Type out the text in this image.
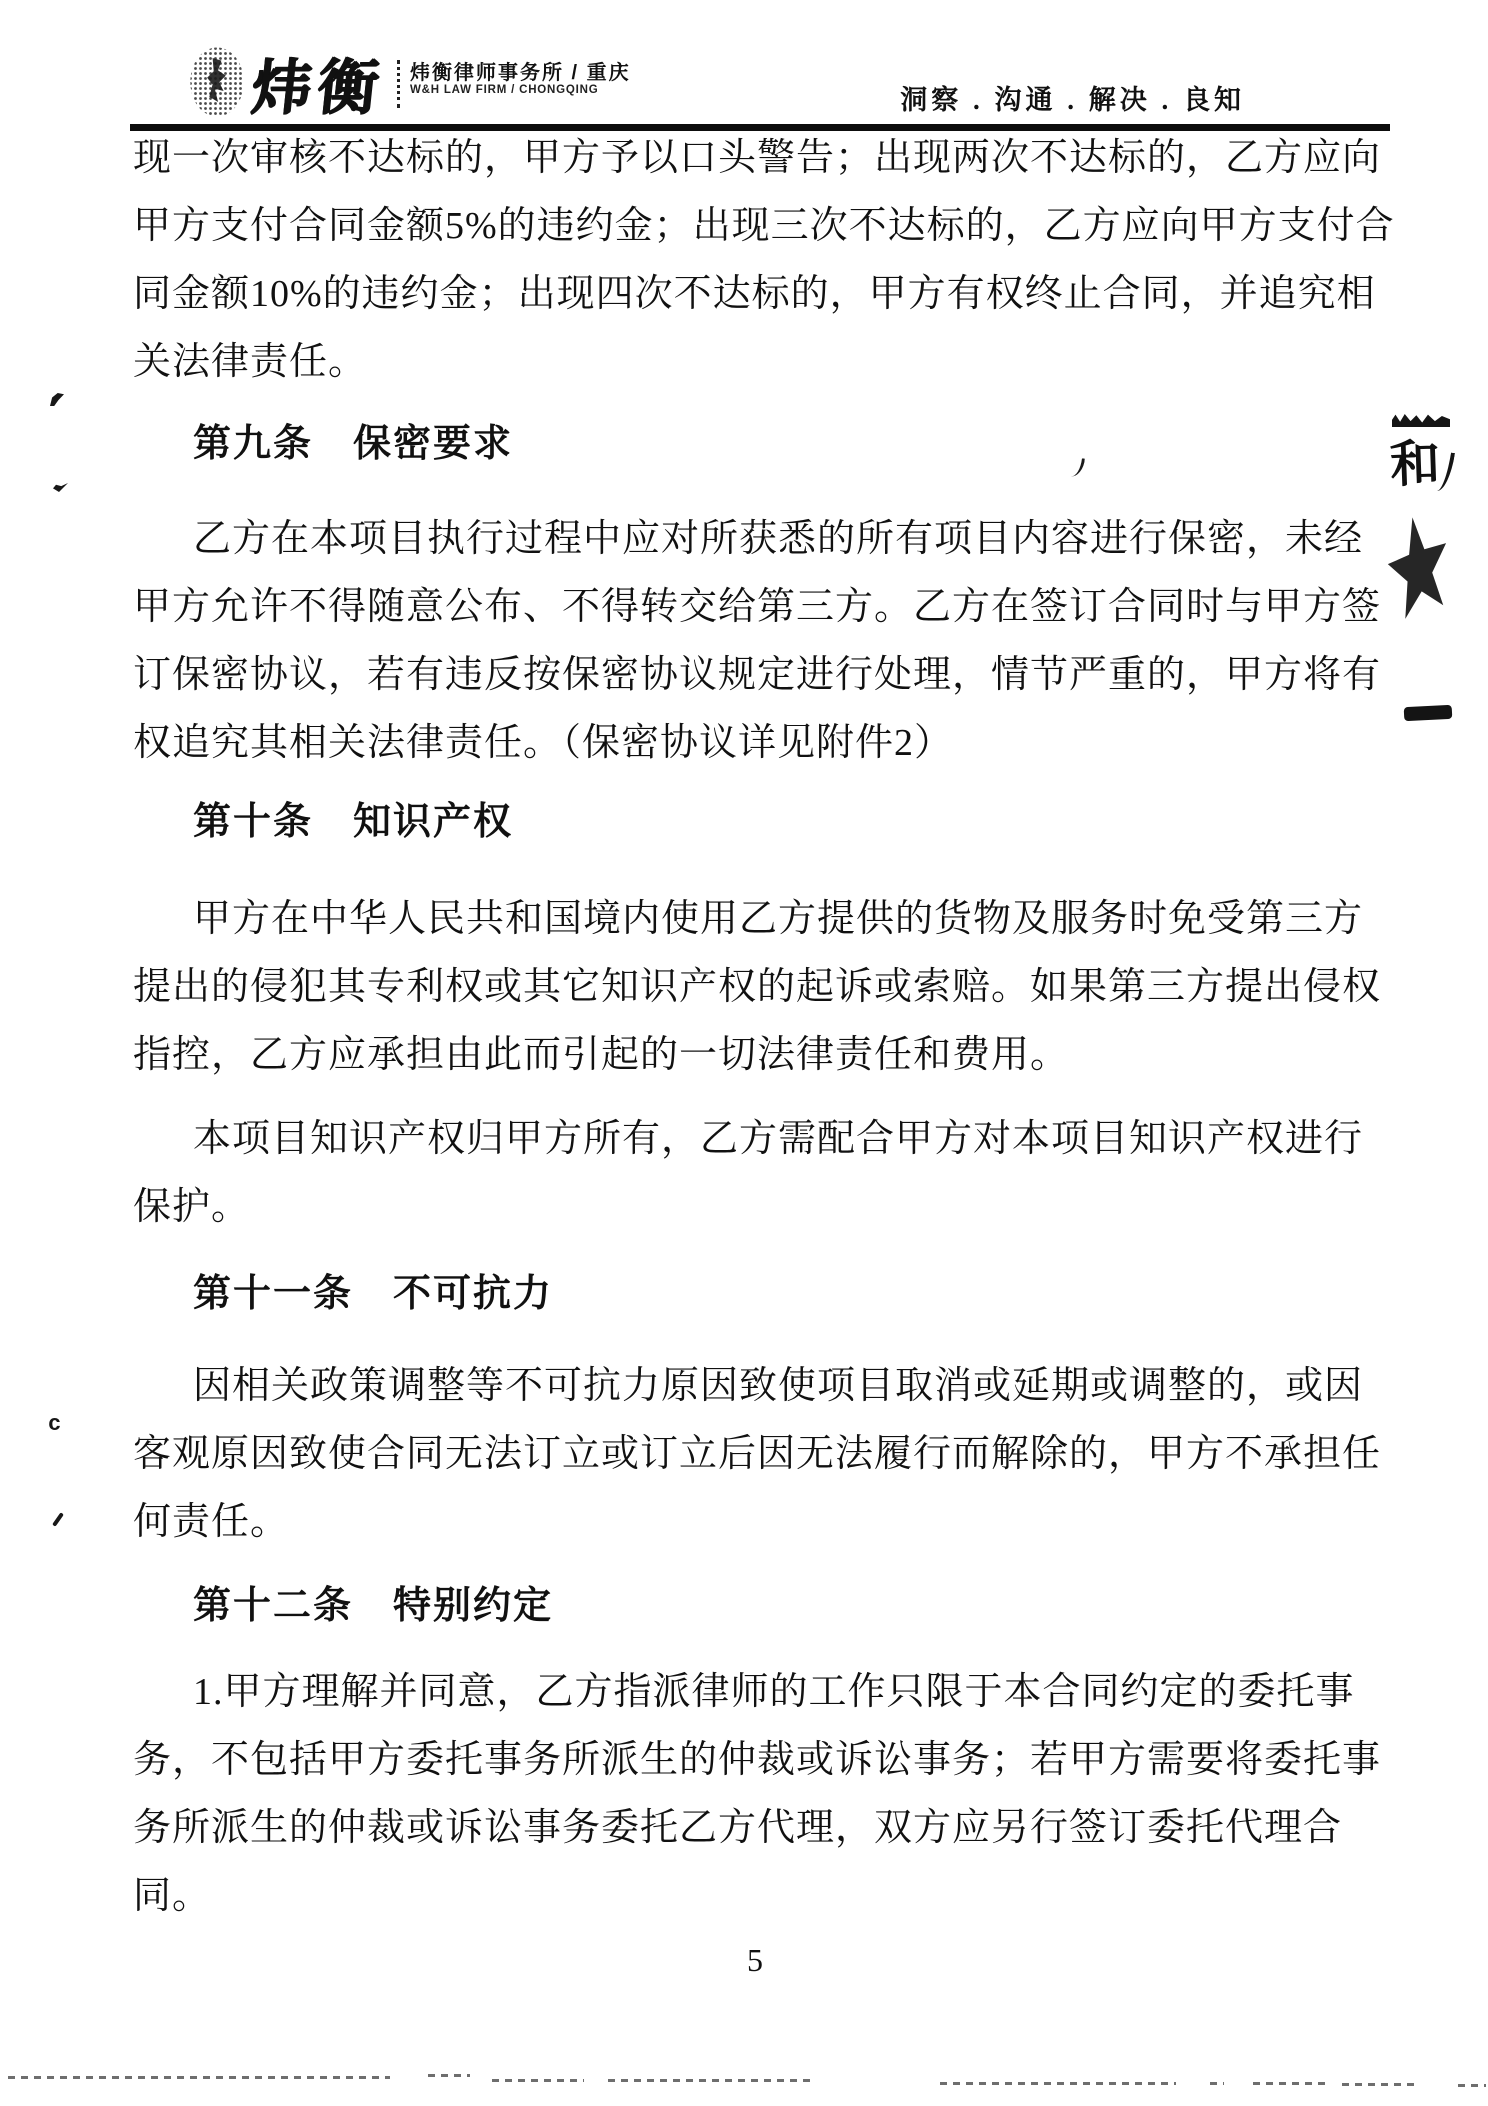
炜衡	炜衡律师事务所 / 重庆
W&H LAW FIRM / CHONGQING	洞察 . 沟通 . 解决 . 良知
现一次审核不达标的，甲方予以口头警告；出现两次不达标的，乙方应向
甲方支付合同金额5%的违约金；出现三次不达标的，乙方应向甲方支付合
同金额10%的违约金；出现四次不达标的，甲方有权终止合同，并追究相
关法律责任。
第九条　保密要求
乙方在本项目执行过程中应对所获悉的所有项目内容进行保密，未经
甲方允许不得随意公布、不得转交给第三方。乙方在签订合同时与甲方签
订保密协议，若有违反按保密协议规定进行处理，情节严重的，甲方将有
权追究其相关法律责任。（保密协议详见附件2）
第十条　知识产权
甲方在中华人民共和国境内使用乙方提供的货物及服务时免受第三方
提出的侵犯其专利权或其它知识产权的起诉或索赔。如果第三方提出侵权
指控，乙方应承担由此而引起的一切法律责任和费用。
本项目知识产权归甲方所有，乙方需配合甲方对本项目知识产权进行
保护。
第十一条　不可抗力
因相关政策调整等不可抗力原因致使项目取消或延期或调整的，或因
客观原因致使合同无法订立或订立后因无法履行而解除的，甲方不承担任
何责任。
第十二条　特别约定
1.甲方理解并同意，乙方指派律师的工作只限于本合同约定的委托事
务，不包括甲方委托事务所派生的仲裁或诉讼事务；若甲方需要将委托事
务所派生的仲裁或诉讼事务委托乙方代理，双方应另行签订委托代理合
同。
5
和
c
